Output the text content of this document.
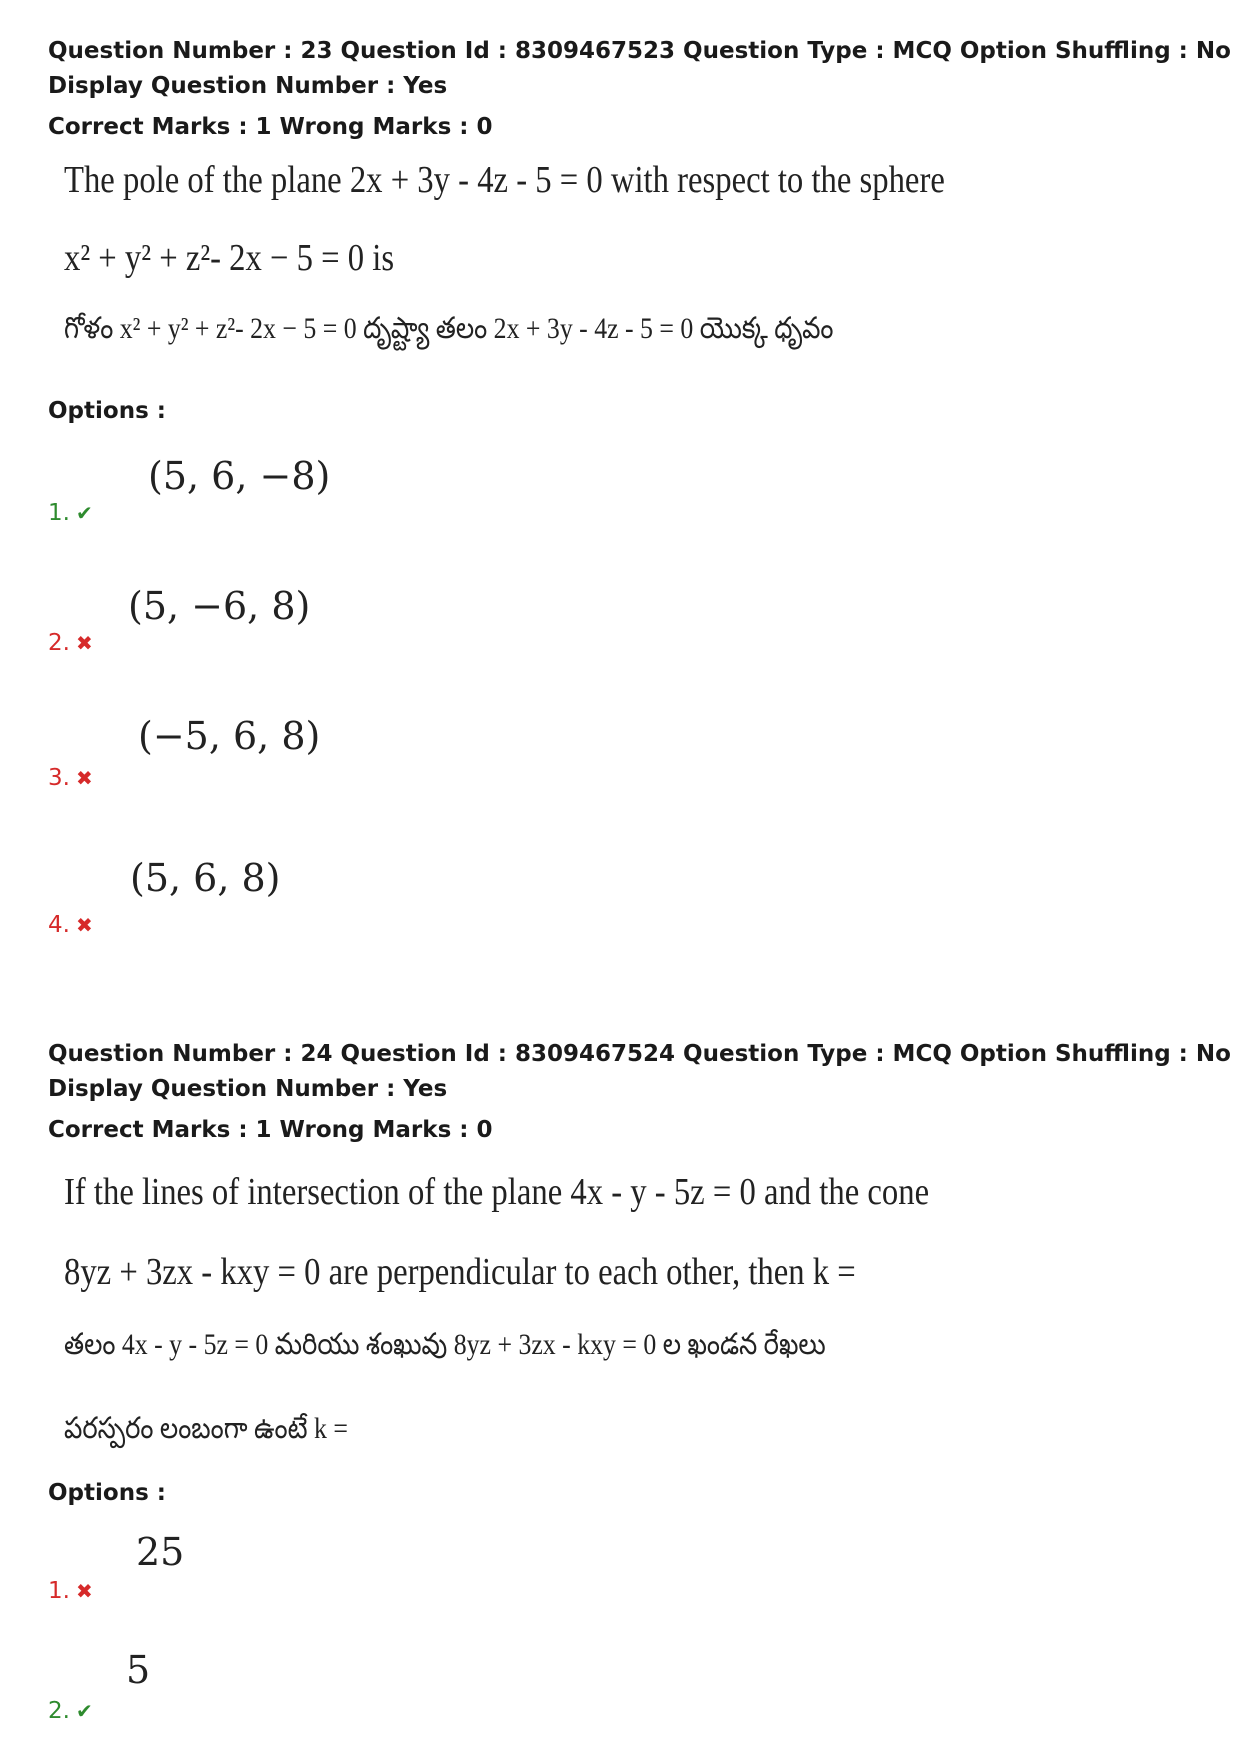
Question Number : 23 Question Id : 8309467523 Question Type : MCQ Option Shuffling : No
Display Question Number : Yes
Correct Marks : 1 Wrong Marks : 0
The pole of the plane 2x + 3y - 4z - 5 = 0 with respect to the sphere
x² + y² + z²- 2x − 5 = 0 is
గోళం x² + y² + z²- 2x − 5 = 0 దృష్ట్యా తలం 2x + 3y - 4z - 5 = 0 యొక్క ధృవం
Options :
1. ✔
(5, 6, −8)
2. ✖
(5, −6, 8)
3. ✖
(−5, 6, 8)
4. ✖
(5, 6, 8)
Question Number : 24 Question Id : 8309467524 Question Type : MCQ Option Shuffling : No
Display Question Number : Yes
Correct Marks : 1 Wrong Marks : 0
If the lines of intersection of the plane 4x - y - 5z = 0 and the cone
8yz + 3zx - kxy = 0 are perpendicular to each other, then k =
తలం 4x - y - 5z = 0 మరియు శంఖువు 8yz + 3zx - kxy = 0 ల ఖండన రేఖలు
పరస్పరం లంబంగా ఉంటే k =
Options :
1. ✖
25
2. ✔
5
